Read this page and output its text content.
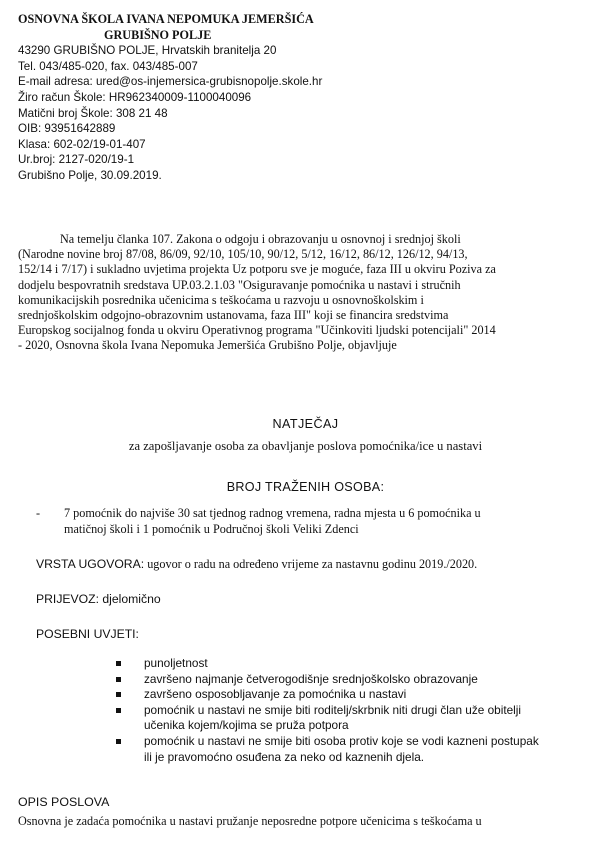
OSNOVNA ŠKOLA IVANA NEPOMUKA JEMERŠIĆA
GRUBIŠNO POLJE
43290 GRUBIŠNO POLJE, Hrvatskih branitelja 20
Tel. 043/485-020, fax. 043/485-007
E-mail adresa: ured@os-injemersica-grubisnopolje.skole.hr
Žiro račun Škole: HR962340009-1100040096
Matični broj Škole: 308 21 48
OIB: 93951642889
Klasa: 602-02/19-01-407
Ur.broj: 2127-020/19-1
Grubišno Polje, 30.09.2019.

Na temelju članka 107. Zakona o odgoju i obrazovanju u osnovnoj i srednjoj školi

(Narodne novine broj 87/08, 86/09, 92/10, 105/10, 90/12, 5/12, 16/12, 86/12, 126/12, 94/13,
152/14 i 7/17) i sukladno uvjetima projekta Uz potporu sve je moguće, faza III u okviru Poziva za
dodjelu bespovratnih sredstava UP.03.2.1.03 "Osiguravanje pomoćnika u nastavi i stručnih
komunikacijskih posrednika učenicima s teškoćama u razvoju u osnovnoškolskim i
srednjoškolskim odgojno-obrazovnim ustanovama, faza III" koji se financira sredstvima
Europskog socijalnog fonda u okviru Operativnog programa "Učinkoviti ljudski potencijali" 2014
- 2020, Osnovna škola Ivana Nepomuka Jemeršića Grubišno Polje, objavljuje
NATJEČAJ
za zapošljavanje osoba za obavljanje poslova pomoćnika/ice u nastavi
BROJ TRAŽENIH OSOBA:
- 7 pomoćnik do najviše 30 sat tjednog radnog vremena, radna mjesta u 6 pomoćnika u
matičnoj školi i 1 pomoćnik u Područnoj školi Veliki Zdenci
VRSTA UGOVORA: ugovor o radu na određeno vrijeme za nastavnu godinu 2019./2020.
PRIJEVOZ: djelomično
POSEBNI UVJETI:
punoljetnost
završeno najmanje četverogodišnje srednjoškolsko obrazovanje
završeno osposobljavanje za pomoćnika u nastavi
pomoćnik u nastavi ne smije biti roditelj/skrbnik niti drugi član uže obitelji
učenika kojem/kojima se pruža potpora
pomoćnik u nastavi ne smije biti osoba protiv koje se vodi kazneni postupak
ili je pravomoćno osuđena za neko od kaznenih djela.
OPIS POSLOVA
Osnovna je zadaća pomoćnika u nastavi pružanje neposredne potpore učenicima s teškoćama u
